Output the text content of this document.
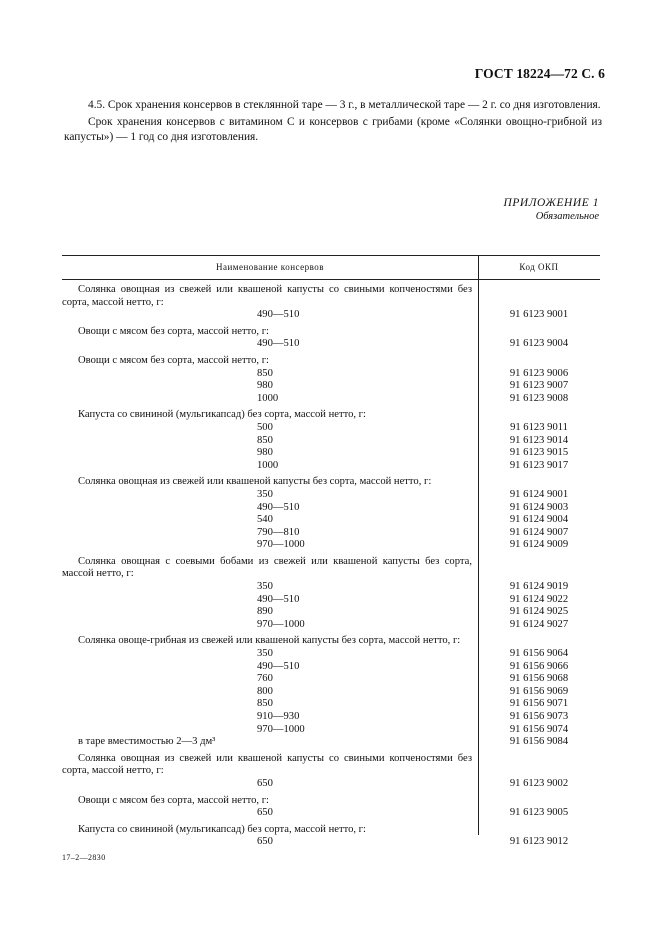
ГОСТ 18224—72 С. 6

4.5. Срок хранения консервов в стеклянной таре — 3 г., в металлической таре — 2 г. со дня изготовления.

Срок хранения консервов с витамином С и консервов с грибами (кроме «Солянки овощно-грибной из капусты») — 1 год со дня изготовления.

ПРИЛОЖЕНИЕ 1
Обязательное
Наименование консервов	Код ОКП
Солянка овощная из свежей или квашеной капусты со свиными копченостями без сорта, массой нетто, г:
490—510	91 6123 9001
Овощи с мясом без сорта, массой нетто, г:
490—510	91 6123 9004
Овощи с мясом без сорта, массой нетто, г:
850	91 6123 9006
980	91 6123 9007
1000	91 6123 9008
Капуста со свининой (мульгикапсад) без сорта, массой нетто, г:
500	91 6123 9011
850	91 6123 9014
980	91 6123 9015
1000	91 6123 9017
Солянка овощная из свежей или квашеной капусты без сорта, массой нетто, г:
350	91 6124 9001
490—510	91 6124 9003
540	91 6124 9004
790—810	91 6124 9007
970—1000	91 6124 9009
Солянка овощная с соевыми бобами из свежей или квашеной капусты без сорта, массой нетто, г:
350	91 6124 9019
490—510	91 6124 9022
890	91 6124 9025
970—1000	91 6124 9027
Солянка овоще-грибная из свежей или квашеной капусты без сорта, массой нетто, г:
350	91 6156 9064
490—510	91 6156 9066
760	91 6156 9068
800	91 6156 9069
850	91 6156 9071
910—930	91 6156 9073
970—1000	91 6156 9074
в таре вместимостью 2—3 дм³	91 6156 9084
Солянка овощная из свежей или квашеной капусты со свиными копченостями без сорта, массой нетто, г:
650	91 6123 9002
Овощи с мясом без сорта, массой нетто, г:
650	91 6123 9005
Капуста со свининой (мульгикапсад) без сорта, массой нетто, г:
650	91 6123 9012
17–2—2830
